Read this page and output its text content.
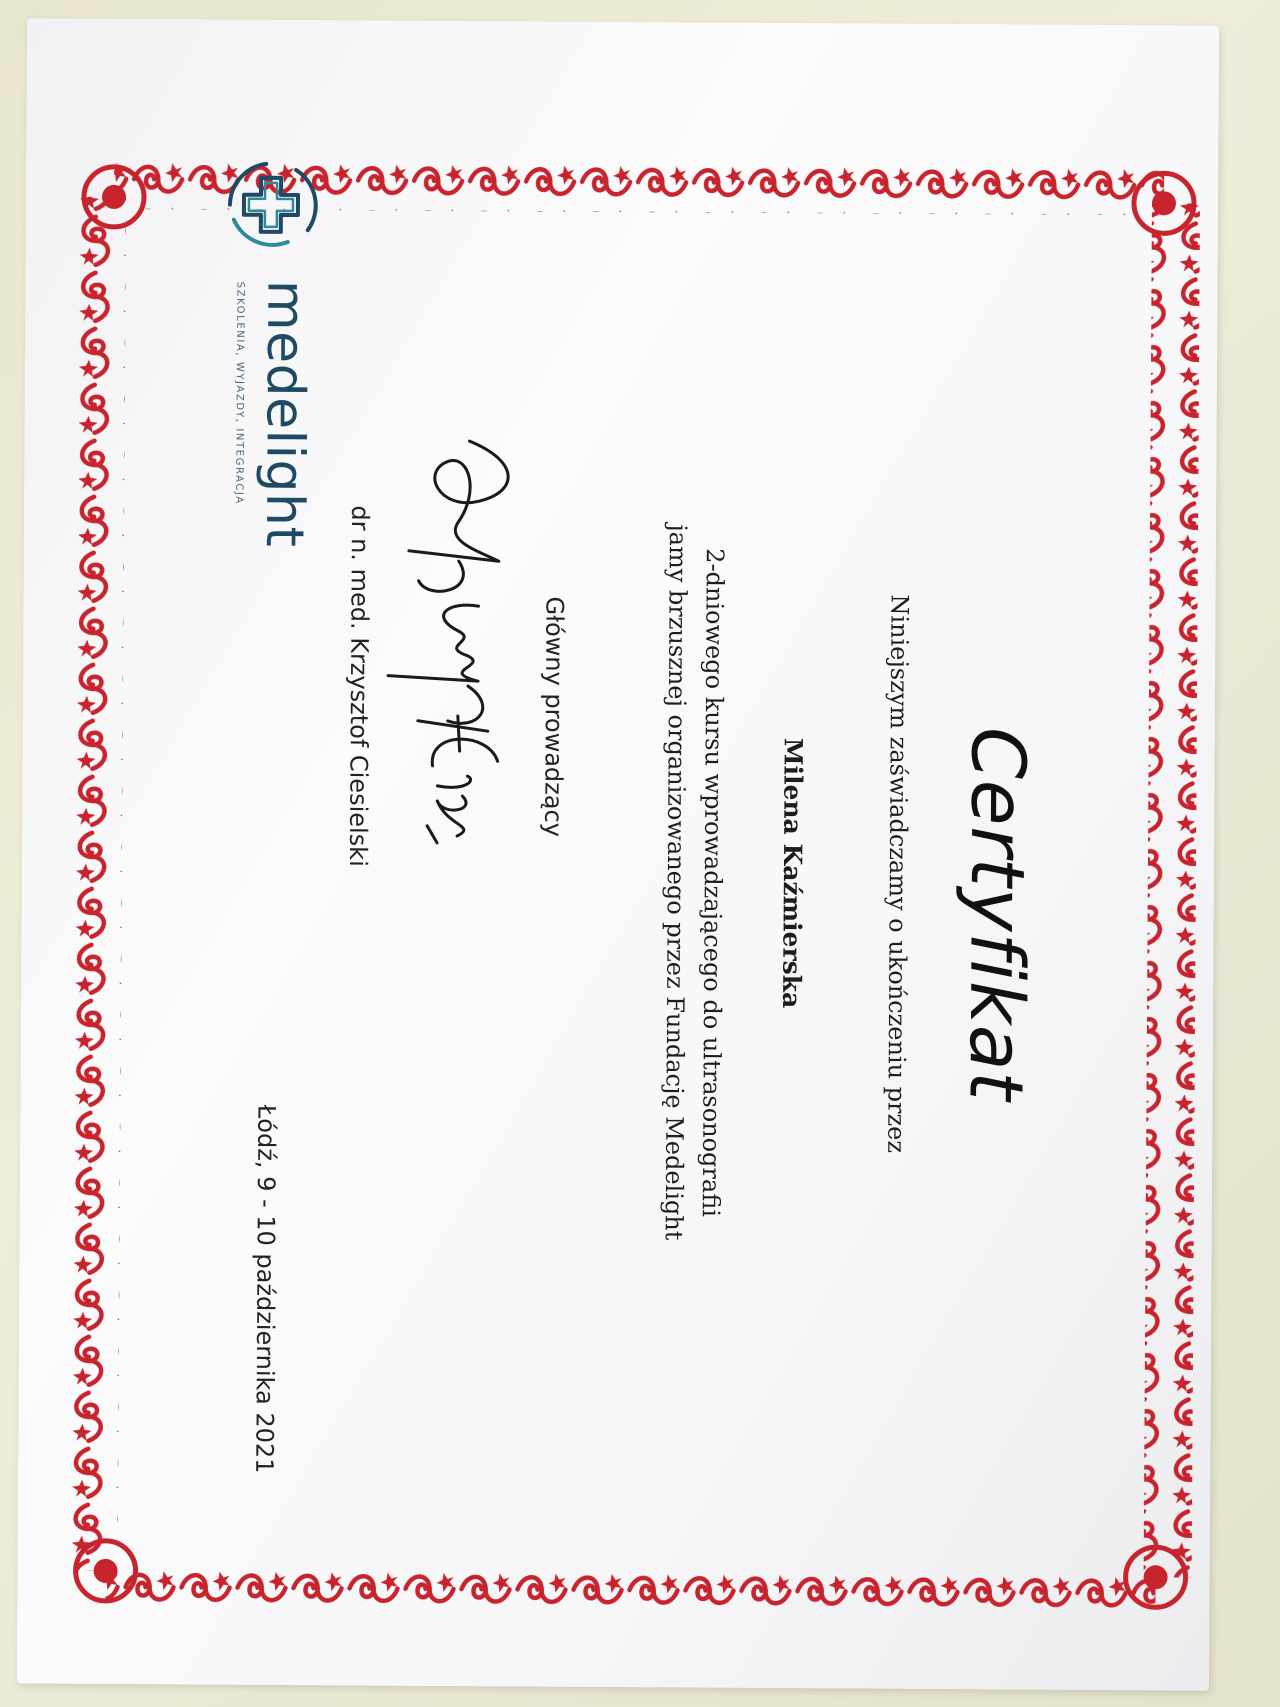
Certyfikat
Niniejszym zaświadczamy o ukończeniu przez
Milena Kaźmierska
2-dniowego kursu wprowadzającego do ultrasonografii
jamy brzusznej organizowanego przez Fundację Medelight
Główny prowadzący
dr n. med. Krzysztof Ciesielski
Łódź, 9 - 10 października 2021
medelight
SZKOLENIA, WYJAZDY, INTEGRACJA
